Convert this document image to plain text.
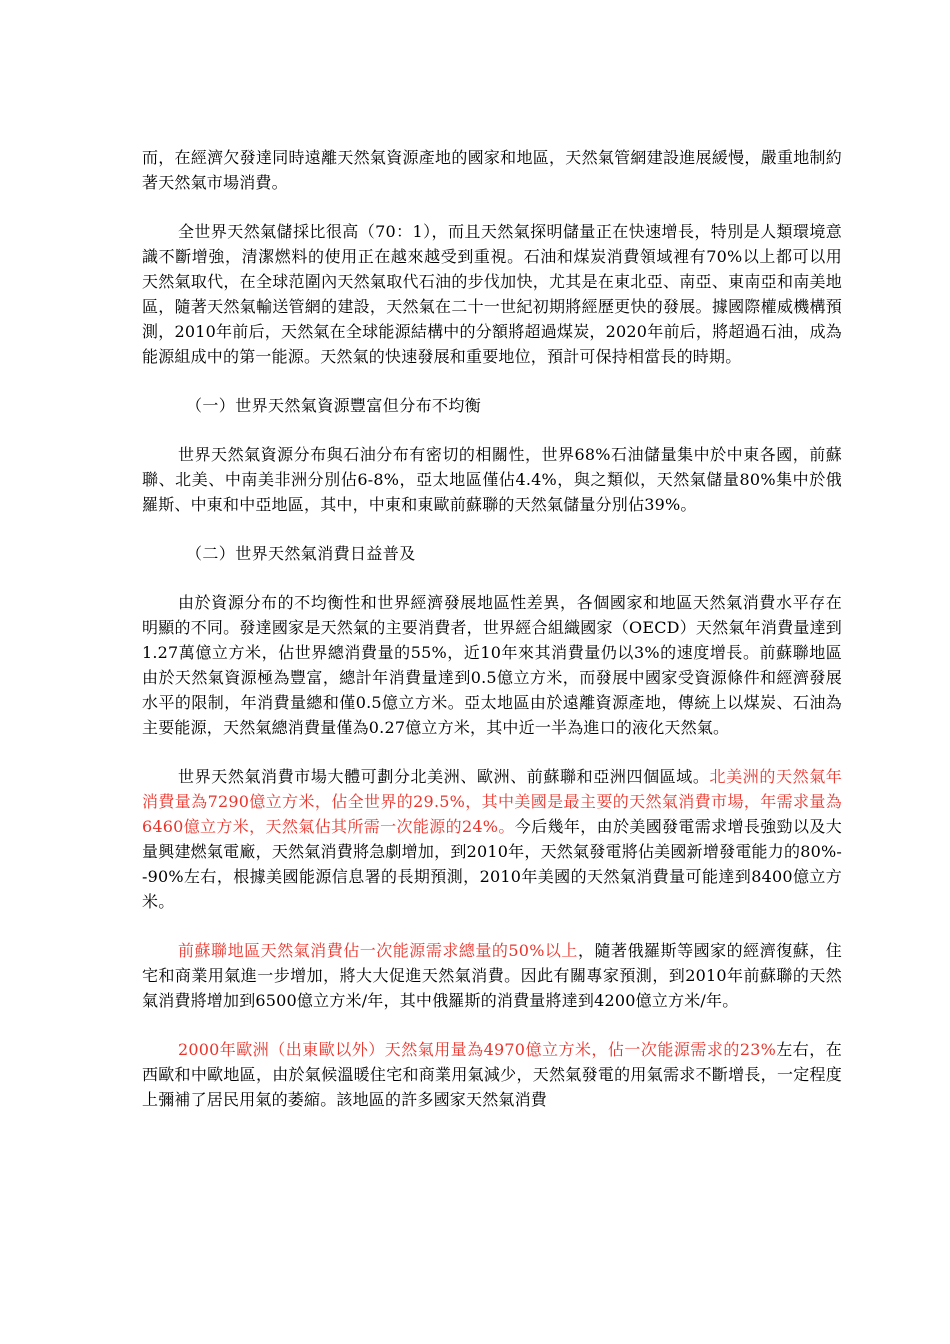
而，在經濟欠發達同時遠離天然氣資源產地的國家和地區，天然氣管網建設進展緩慢，嚴重地制約著天然氣市場消費。

全世界天然氣儲採比很高（70：1），而且天然氣探明儲量正在快速增長，特別是人類環境意識不斷增強，清潔燃料的使用正在越來越受到重視。石油和煤炭消費領域裡有70%以上都可以用天然氣取代，在全球范圍內天然氣取代石油的步伐加快，尤其是在東北亞、南亞、東南亞和南美地區，隨著天然氣輸送管網的建設，天然氣在二十一世紀初期將經歷更快的發展。據國際權威機構預測，2010年前后，天然氣在全球能源結構中的分額將超過煤炭，2020年前后，將超過石油，成為能源組成中的第一能源。天然氣的快速發展和重要地位，預計可保持相當長的時期。

（一）世界天然氣資源豐富但分布不均衡

世界天然氣資源分布與石油分布有密切的相關性，世界68%石油儲量集中於中東各國，前蘇聯、北美、中南美非洲分別佔6-8%，亞太地區僅佔4.4%，與之類似，天然氣儲量80%集中於俄羅斯、中東和中亞地區，其中，中東和東歐前蘇聯的天然氣儲量分別佔39%。

（二）世界天然氣消費日益普及

由於資源分布的不均衡性和世界經濟發展地區性差異，各個國家和地區天然氣消費水平存在明顯的不同。發達國家是天然氣的主要消費者，世界經合組織國家（OECD）天然氣年消費量達到1.27萬億立方米，佔世界總消費量的55%，近10年來其消費量仍以3%的速度增長。前蘇聯地區由於天然氣資源極為豐富，總計年消費量達到0.5億立方米，而發展中國家受資源條件和經濟發展水平的限制，年消費量總和僅0.5億立方米。亞太地區由於遠離資源產地，傳統上以煤炭、石油為主要能源，天然氣總消費量僅為0.27億立方米，其中近一半為進口的液化天然氣。

世界天然氣消費市場大體可劃分北美洲、歐洲、前蘇聯和亞洲四個區域。北美洲的天然氣年消費量為7290億立方米，佔全世界的29.5%，其中美國是最主要的天然氣消費市場，年需求量為6460億立方米，天然氣佔其所需一次能源的24%。今后幾年，由於美國發電需求增長強勁以及大量興建燃氣電廠，天然氣消費將急劇增加，到2010年，天然氣發電將佔美國新增發電能力的80%--90%左右，根據美國能源信息署的長期預測，2010年美國的天然氣消費量可能達到8400億立方米。

前蘇聯地區天然氣消費佔一次能源需求總量的50%以上，隨著俄羅斯等國家的經濟復蘇，住宅和商業用氣進一步增加，將大大促進天然氣消費。因此有關專家預測，到2010年前蘇聯的天然氣消費將增加到6500億立方米/年，其中俄羅斯的消費量將達到4200億立方米/年。

2000年歐洲（出東歐以外）天然氣用量為4970億立方米，佔一次能源需求的23%左右，在西歐和中歐地區，由於氣候溫暖住宅和商業用氣減少，天然氣發電的用氣需求不斷增長，一定程度上彌補了居民用氣的萎縮。該地區的許多國家天然氣消費
